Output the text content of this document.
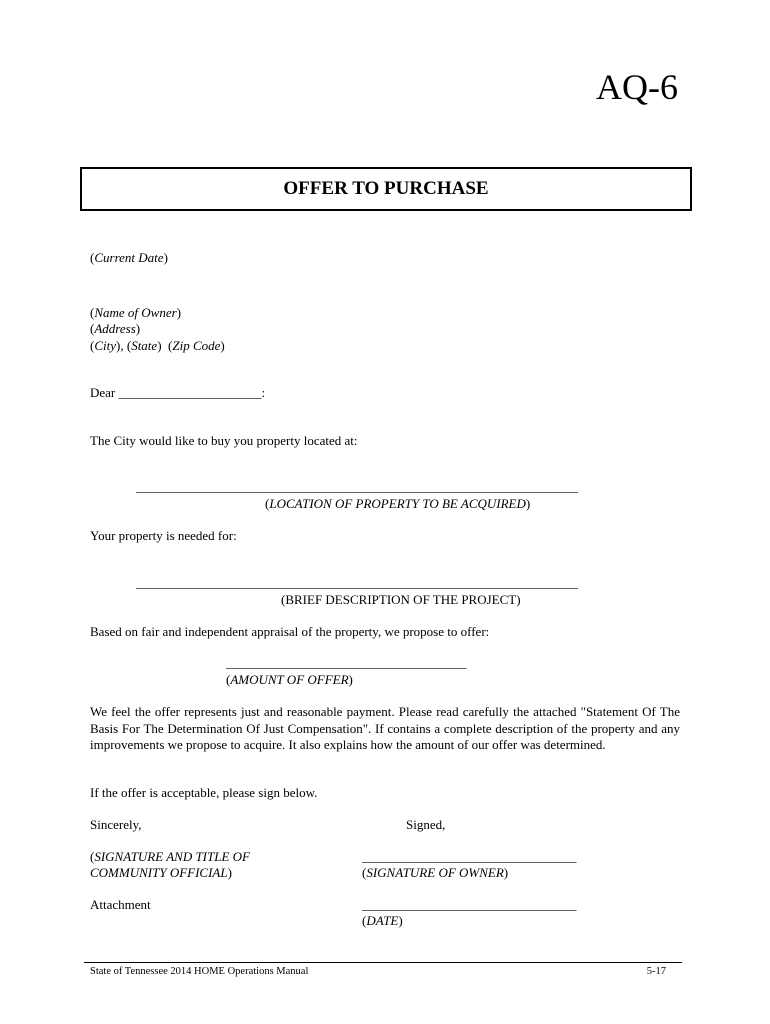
AQ-6
OFFER TO PURCHASE
(Current Date)
(Name of Owner)
(Address)
(City), (State)  (Zip Code)
Dear ______________________:
The City would like to buy you property located at:
____________________________________________________________________
(LOCATION OF PROPERTY TO BE ACQUIRED)
Your property is needed for:
____________________________________________________________________
(BRIEF DESCRIPTION OF THE PROJECT)
Based on fair and independent appraisal of the property, we propose to offer:
_____________________________________
(AMOUNT OF OFFER)
We feel the offer represents just and reasonable payment. Please read carefully the attached "Statement Of The Basis For The Determination Of Just Compensation". If contains a complete description of the property and any improvements we propose to acquire. It also explains how the amount of our offer was determined.
If the offer is acceptable, please sign below.
Sincerely,	Signed,
(SIGNATURE AND TITLE OF
COMMUNITY OFFICIAL)
_________________________________
(SIGNATURE OF OWNER)
Attachment	_________________________________
(DATE)
State of Tennessee 2014 HOME Operations Manual	5-17
